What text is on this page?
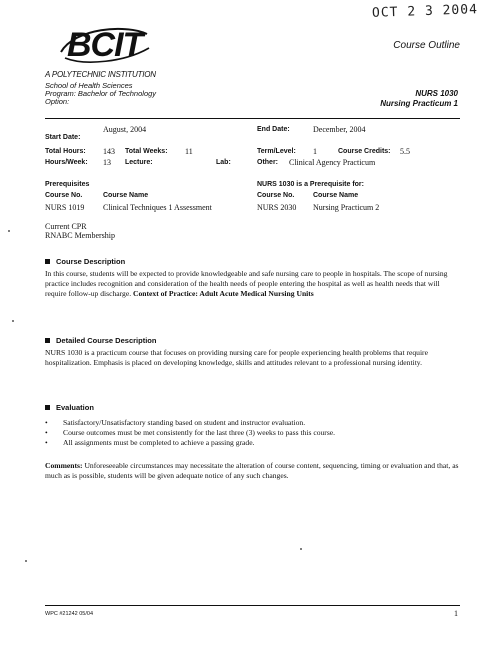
OCT 2 3 2004
BCIT	Course Outline
A POLYTECHNIC INSTITUTION
School of Health Sciences
Program: Bachelor of Technology
Option:
NURS 1030
Nursing Practicum 1
Start Date:
August, 2004	End Date:	December, 2004
Total Hours: 143 Total Weeks: 11	Term/Level: 1	Course Credits: 5.5
Hours/Week: 13 Lecture:	Lab:	Other: Clinical Agency Practicum
Prerequisites
Course No.	Course Name
NURS 1019 Clinical Techniques 1 Assessment
Current CPR
RNABC Membership
NURS 1030 is a Prerequisite for:
Course No.	Course Name
NURS 2030 Nursing Practicum 2
Course Description
In this course, students will be expected to provide knowledgeable and safe nursing care to people in hospitals. The scope of nursing practice includes recognition and consideration of the health needs of people entering the hospital as well as health needs that will require follow-up discharge. Context of Practice: Adult Acute Medical Nursing Units
Detailed Course Description
NURS 1030 is a practicum course that focuses on providing nursing care for people experiencing health problems that require hospitalization. Emphasis is placed on developing knowledge, skills and attitudes relevant to a professional nursing identity.
Evaluation
•	Satisfactory/Unsatisfactory standing based on student and instructor evaluation.
•	Course outcomes must be met consistently for the last three (3) weeks to pass this course.
•	All assignments must be completed to achieve a passing grade.
Comments: Unforeseeable circumstances may necessitate the alteration of course content, sequencing, timing or evaluation and that, as much as is possible, students will be given adequate notice of any such changes.
WPC #21242 05/04	1
